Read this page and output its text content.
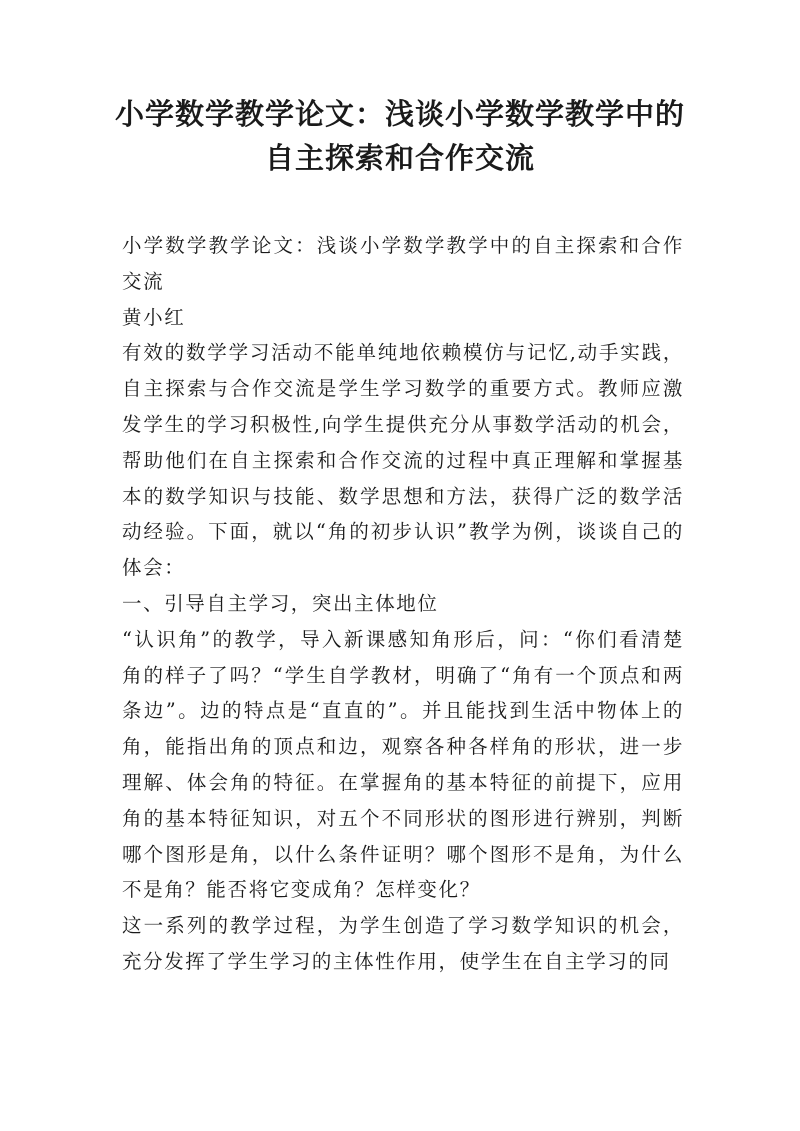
小学数学教学论文：浅谈小学数学教学中的
自主探索和合作交流

小学数学教学论文：浅谈小学数学教学中的自主探索和合作交流

黄小红

有效的数学学习活动不能单纯地依赖模仿与记忆,动手实践，自主探索与合作交流是学生学习数学的重要方式。教师应激发学生的学习积极性,向学生提供充分从事数学活动的机会，帮助他们在自主探索和合作交流的过程中真正理解和掌握基本的数学知识与技能、数学思想和方法，获得广泛的数学活动经验。下面，就以“角的初步认识”教学为例，谈谈自己的体会：

一、引导自主学习，突出主体地位

“认识角”的教学，导入新课感知角形后，问：“你们看清楚角的样子了吗？“学生自学教材，明确了“角有一个顶点和两条边”。边的特点是“直直的”。并且能找到生活中物体上的角，能指出角的顶点和边，观察各种各样角的形状，进一步理解、体会角的特征。在掌握角的基本特征的前提下，应用角的基本特征知识，对五个不同形状的图形进行辨别，判断哪个图形是角，以什么条件证明？哪个图形不是角，为什么不是角？能否将它变成角？怎样变化？

这一系列的教学过程，为学生创造了学习数学知识的机会，充分发挥了学生学习的主体性作用，使学生在自主学习的同
